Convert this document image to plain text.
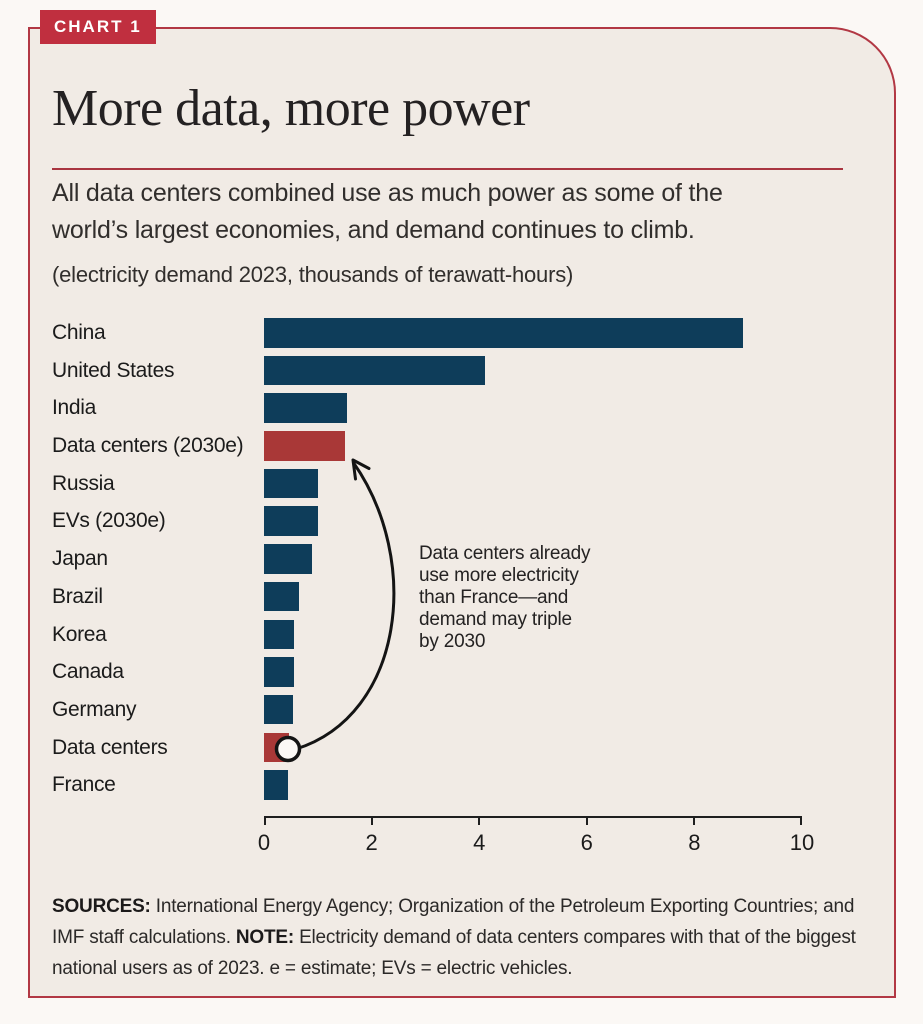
CHART 1
More data, more power

All data centers combined use as much power as some of the world’s largest economies, and demand continues to climb.

(electricity demand 2023, thousands of terawatt-hours)

China
United States
India
Data centers (2030e)
Russia
EVs (2030e)
Japan
Brazil
Korea
Canada
Germany
Data centers
France
0	2	4	6	8	10
Data centers already
use more electricity
than France—and
demand may triple
by 2030

SOURCES: International Energy Agency; Organization of the Petroleum Exporting Countries; and IMF staff calculations. NOTE: Electricity demand of data centers compares with that of the biggest national users as of 2023. e = estimate; EVs = electric vehicles.
